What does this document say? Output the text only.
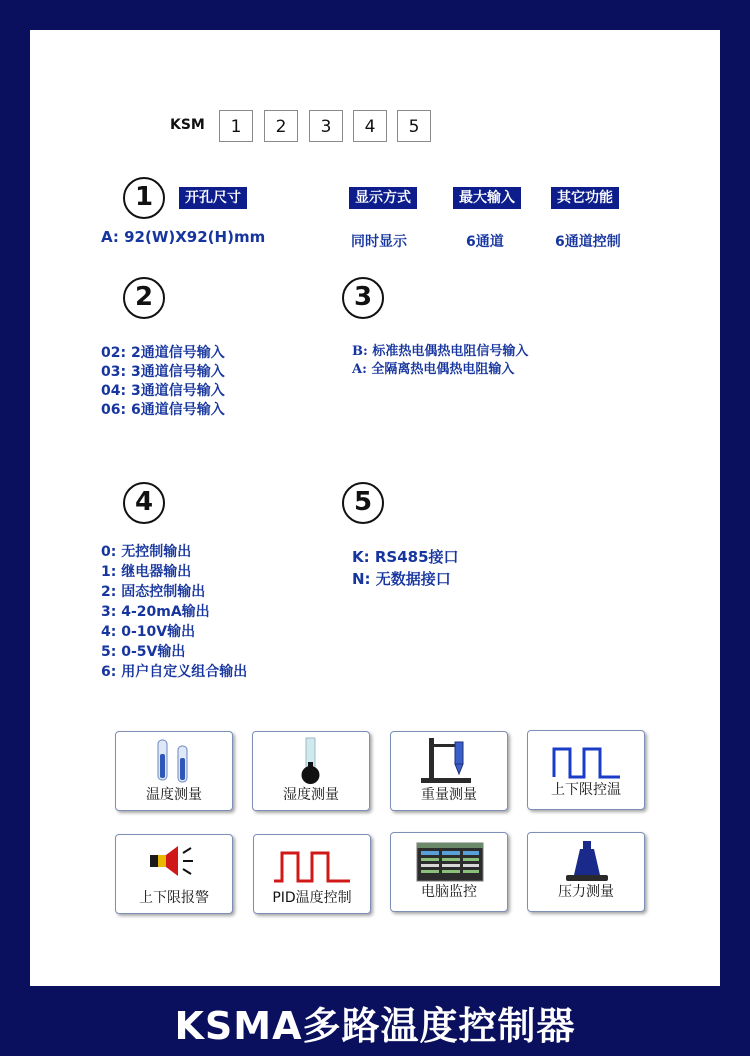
KSM	1	2	3	4	5
1	开孔尺寸
A: 92(W)X92(H)mm
显示方式	最大输入	其它功能
同时显示	6通道	6通道控制
2
02: 2通道信号输入
03: 3通道信号输入
04: 3通道信号输入
06: 6通道信号输入
3
B: 标准热电偶热电阻信号输入
A: 全隔离热电偶热电阻输入
4
0: 无控制输出
1: 继电器输出
2: 固态控制输出
3: 4-20mA输出
4: 0-10V输出
5: 0-5V输出
6: 用户自定义组合输出
5
K: RS485接口
N: 无数据接口
温度测量	湿度测量	重量测量	上下限控温
上下限报警	PID温度控制	电脑监控	压力测量
KSMA多路温度控制器
